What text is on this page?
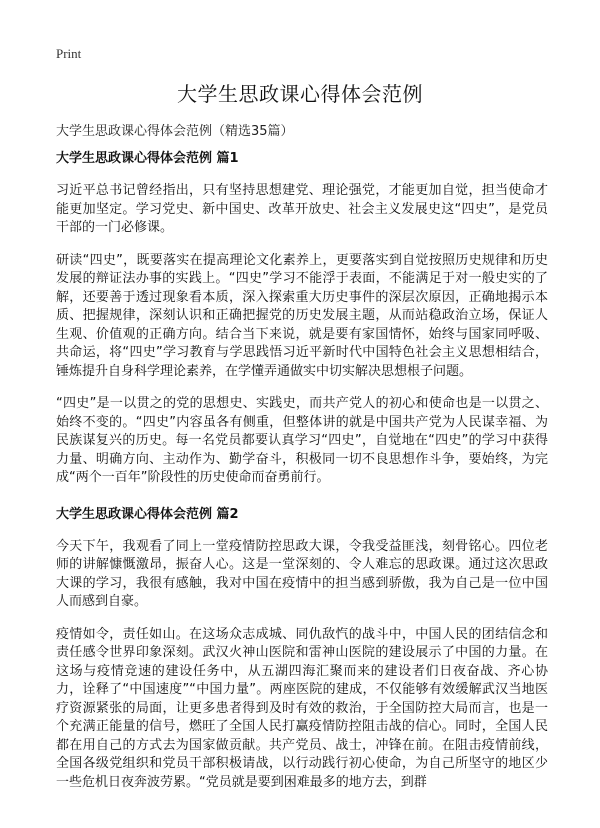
Print
大学生思政课心得体会范例
大学生思政课心得体会范例（精选35篇）
大学生思政课心得体会范例 篇1

习近平总书记曾经指出，只有坚持思想建党、理论强党，才能更加自觉，担当使命才能更加坚定。学习党史、新中国史、改革开放史、社会主义发展史这“四史”，是党员干部的一门必修课。

研读“四史”，既要落实在提高理论文化素养上，更要落实到自觉按照历史规律和历史发展的辩证法办事的实践上。“四史”学习不能浮于表面，不能满足于对一般史实的了解，还要善于透过现象看本质，深入探索重大历史事件的深层次原因，正确地揭示本质、把握规律，深刻认识和正确把握党的历史发展主题，从而站稳政治立场，保证人生观、价值观的正确方向。结合当下来说，就是要有家国情怀，始终与国家同呼吸、共命运，将“四史”学习教育与学思践悟习近平新时代中国特色社会主义思想相结合，锤炼提升自身科学理论素养，在学懂弄通做实中切实解决思想根子问题。

“四史”是一以贯之的党的思想史、实践史，而共产党人的初心和使命也是一以贯之、始终不变的。“四史”内容虽各有侧重，但整体讲的就是中国共产党为人民谋幸福、为民族谋复兴的历史。每一名党员都要认真学习“四史”，自觉地在“四史”的学习中获得力量、明确方向、主动作为、勤学奋斗，积极同一切不良思想作斗争，要始终，为完成“两个一百年”阶段性的历史使命而奋勇前行。

大学生思政课心得体会范例 篇2

今天下午，我观看了同上一堂疫情防控思政大课，令我受益匪浅，刻骨铭心。四位老师的讲解慷慨激昂，振奋人心。这是一堂深刻的、令人难忘的思政课。通过这次思政大课的学习，我很有感触，我对中国在疫情中的担当感到骄傲，我为自己是一位中国人而感到自豪。

疫情如令，责任如山。在这场众志成城、同仇敌忾的战斗中，中国人民的团结信念和责任感令世界印象深刻。武汉火神山医院和雷神山医院的建设展示了中国的力量。在这场与疫情竞速的建设任务中，从五湖四海汇聚而来的建设者们日夜奋战、齐心协力，诠释了“中国速度”“中国力量”。两座医院的建成，不仅能够有效缓解武汉当地医疗资源紧张的局面，让更多患者得到及时有效的救治，于全国防控大局而言，也是一个充满正能量的信号，燃旺了全国人民打赢疫情防控阻击战的信心。同时，全国人民都在用自己的方式去为国家做贡献。共产党员、战士，冲锋在前。在阻击疫情前线，全国各级党组织和党员干部积极请战，以行动践行初心使命，为自己所坚守的地区少一些危机日夜奔波劳累。“党员就是要到困难最多的地方去，到群
